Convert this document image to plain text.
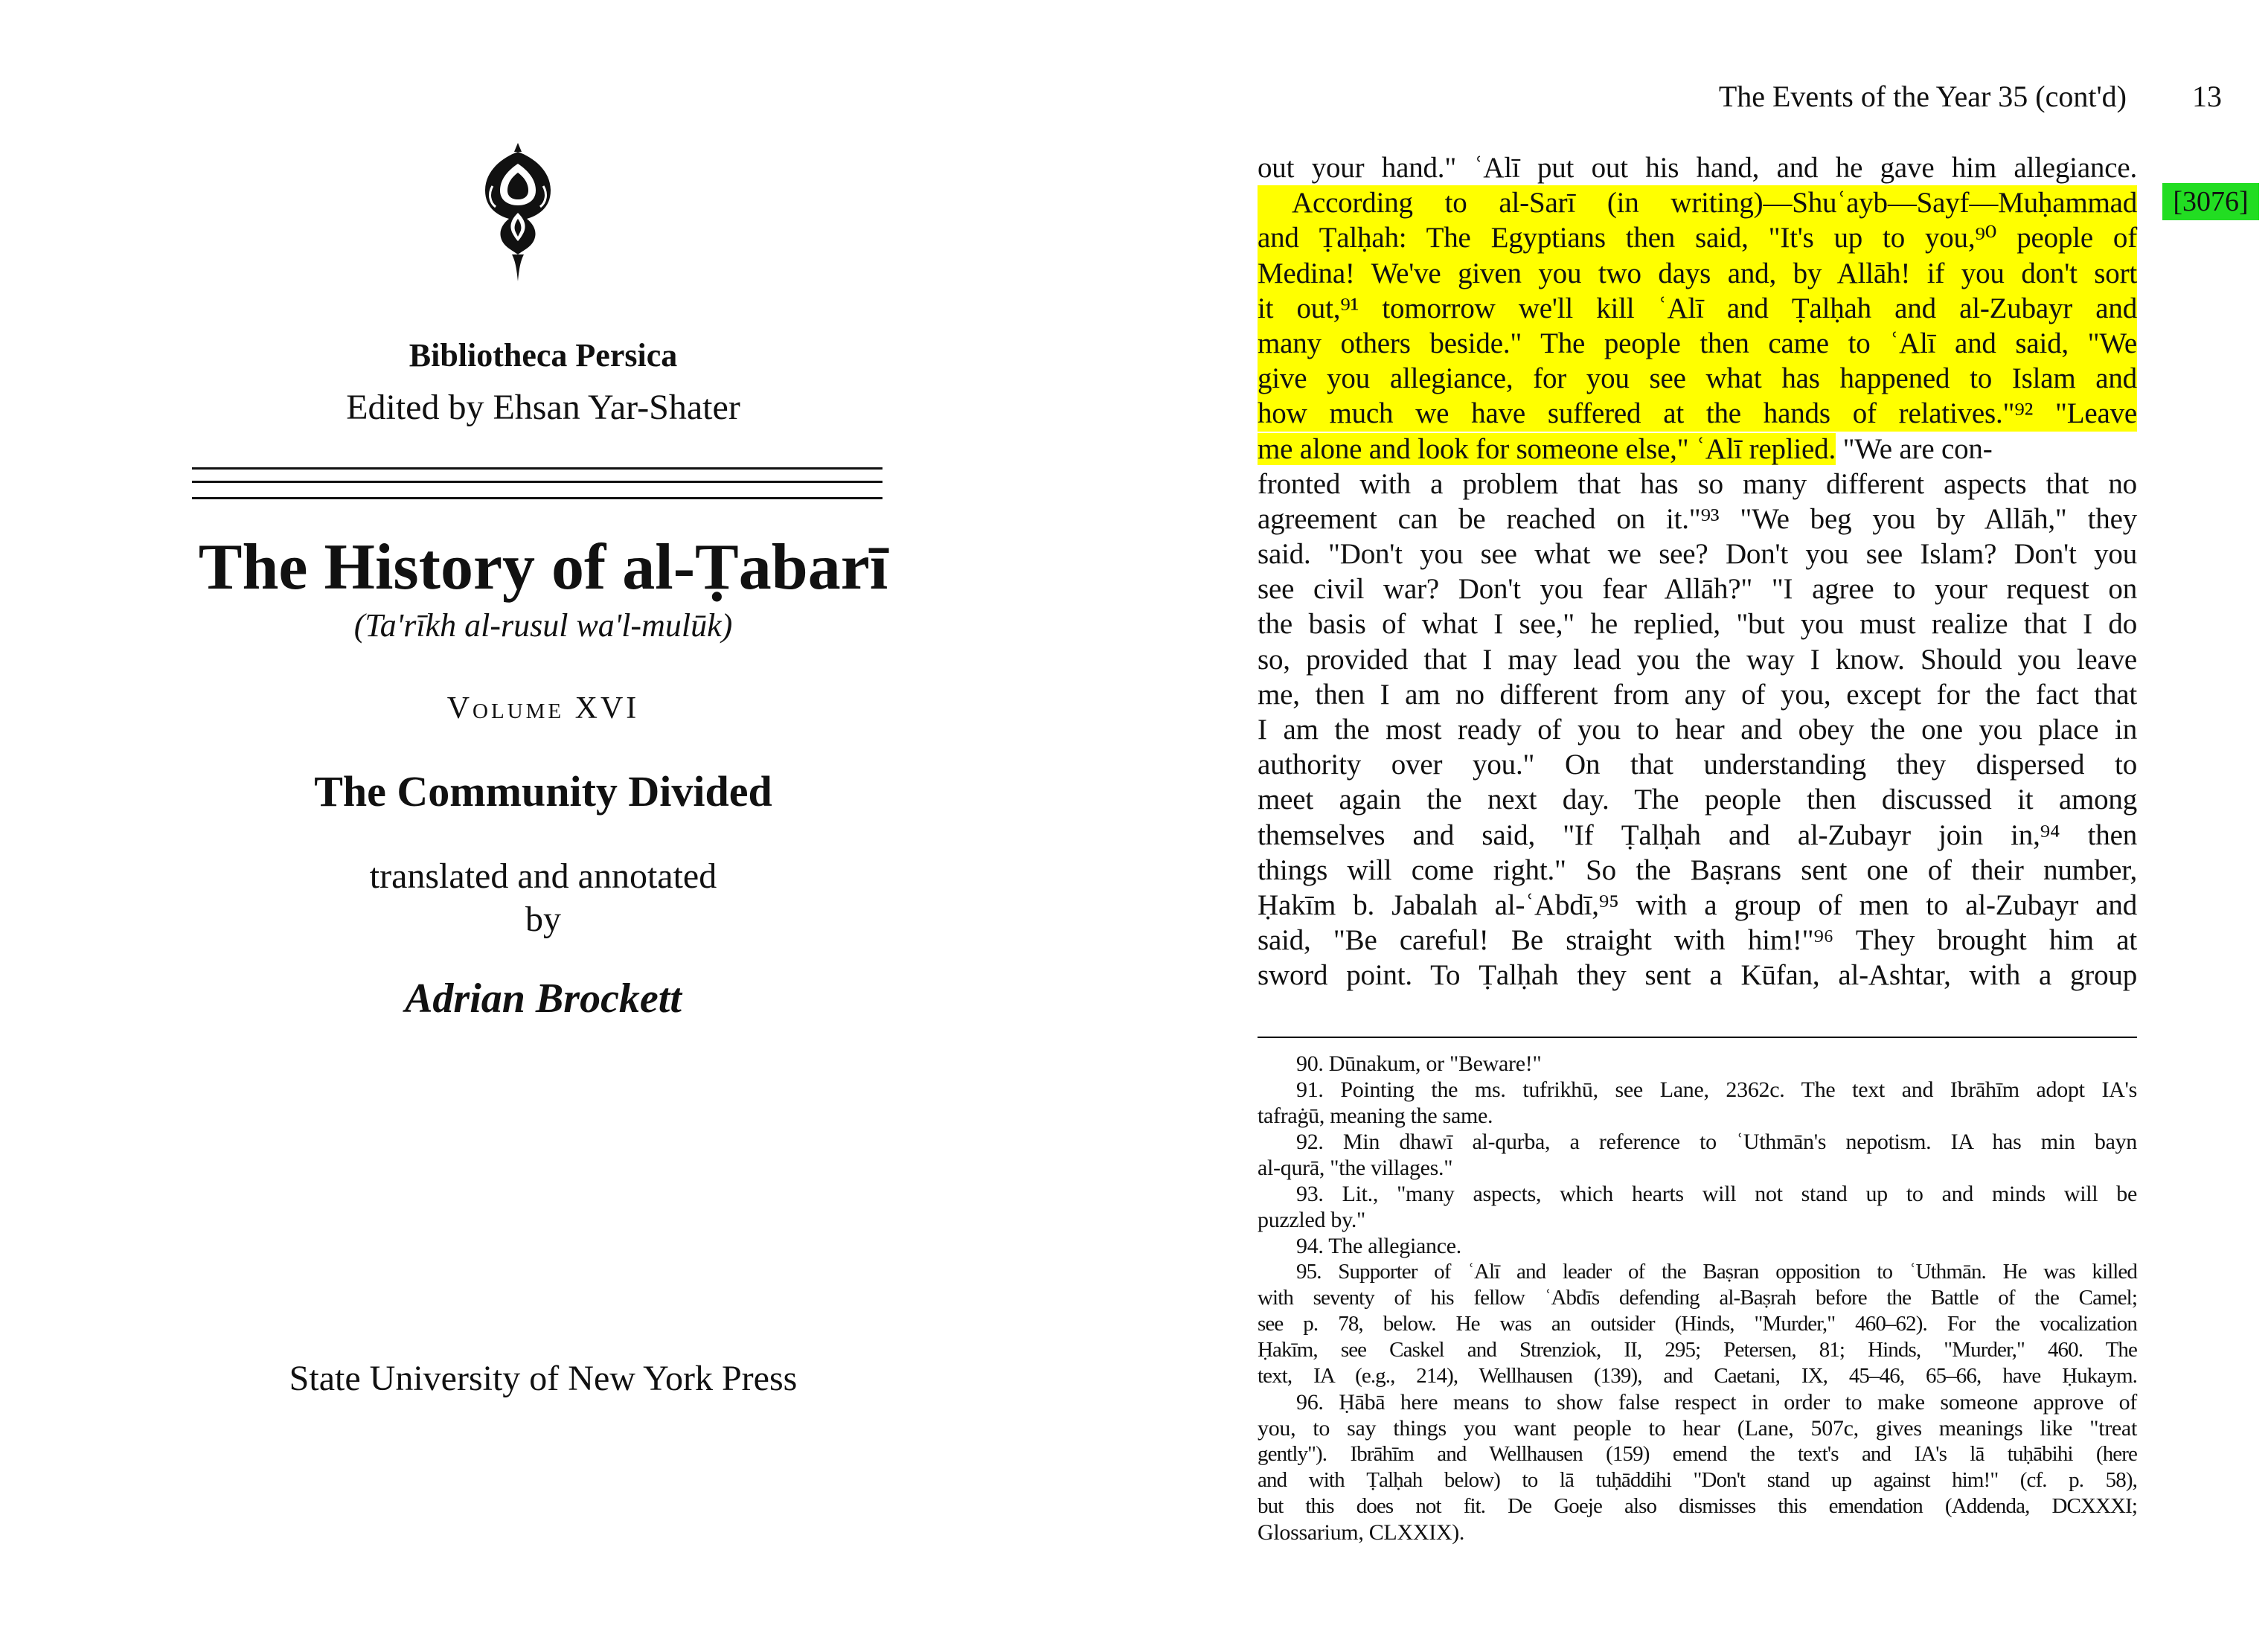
Bibliotheca Persica
Edited by Ehsan Yar-Shater
The History of al-Ṭabarī
(Ta'rīkh al-rusul wa'l-mulūk)
Volume XVI
The Community Divided
translated and annotated
by
Adrian Brockett
State University of New York Press
The Events of the Year 35 (cont'd)	13
[3076]
out your hand." ʿAlī put out his hand, and he gave him allegiance.
According to al-Sarī (in writing)—Shuʿayb—Sayf—Muḥammad
and Ṭalḥah: The Egyptians then said, "It's up to you,⁹⁰ people of
Medina! We've given you two days and, by Allāh! if you don't sort
it out,⁹¹ tomorrow we'll kill ʿAlī and Ṭalḥah and al-Zubayr and
many others beside." The people then came to ʿAlī and said, "We
give you allegiance, for you see what has happened to Islam and
how much we have suffered at the hands of relatives."⁹² "Leave
me alone and look for someone else," ʿAlī replied. "We are con-
fronted with a problem that has so many different aspects that no
agreement can be reached on it."⁹³ "We beg you by Allāh," they
said. "Don't you see what we see? Don't you see Islam? Don't you
see civil war? Don't you fear Allāh?" "I agree to your request on
the basis of what I see," he replied, "but you must realize that I do
so, provided that I may lead you the way I know. Should you leave
me, then I am no different from any of you, except for the fact that
I am the most ready of you to hear and obey the one you place in
authority over you." On that understanding they dispersed to
meet again the next day. The people then discussed it among
themselves and said, "If Ṭalḥah and al-Zubayr join in,⁹⁴ then
things will come right." So the Baṣrans sent one of their number,
Ḥakīm b. Jabalah al-ʿAbdī,⁹⁵ with a group of men to al-Zubayr and
said, "Be careful! Be straight with him!"⁹⁶ They brought him at
sword point. To Ṭalḥah they sent a Kūfan, al-Ashtar, with a group
90. Dūnakum, or "Beware!"
91. Pointing the ms. tufrikhū, see Lane, 2362c. The text and Ibrāhīm adopt IA's
tafraġū, meaning the same.
92. Min dhawī al-qurba, a reference to ʿUthmān's nepotism. IA has min bayn
al-qurā, "the villages."
93. Lit., "many aspects, which hearts will not stand up to and minds will be
puzzled by."
94. The allegiance.
95. Supporter of ʿAlī and leader of the Baṣran opposition to ʿUthmān. He was killed
with seventy of his fellow ʿAbdīs defending al-Baṣrah before the Battle of the Camel;
see p. 78, below. He was an outsider (Hinds, "Murder," 460–62). For the vocalization
Ḥakīm, see Caskel and Strenziok, II, 295; Petersen, 81; Hinds, "Murder," 460. The
text, IA (e.g., 214), Wellhausen (139), and Caetani, IX, 45–46, 65–66, have Ḥukaym.
96. Ḥābā here means to show false respect in order to make someone approve of
you, to say things you want people to hear (Lane, 507c, gives meanings like "treat
gently"). Ibrāhīm and Wellhausen (159) emend the text's and IA's lā tuḥābihi (here
and with Ṭalḥah below) to lā tuḥāddihi "Don't stand up against him!" (cf. p. 58),
but this does not fit. De Goeje also dismisses this emendation (Addenda, DCXXXI;
Glossarium, CLXXIX).
